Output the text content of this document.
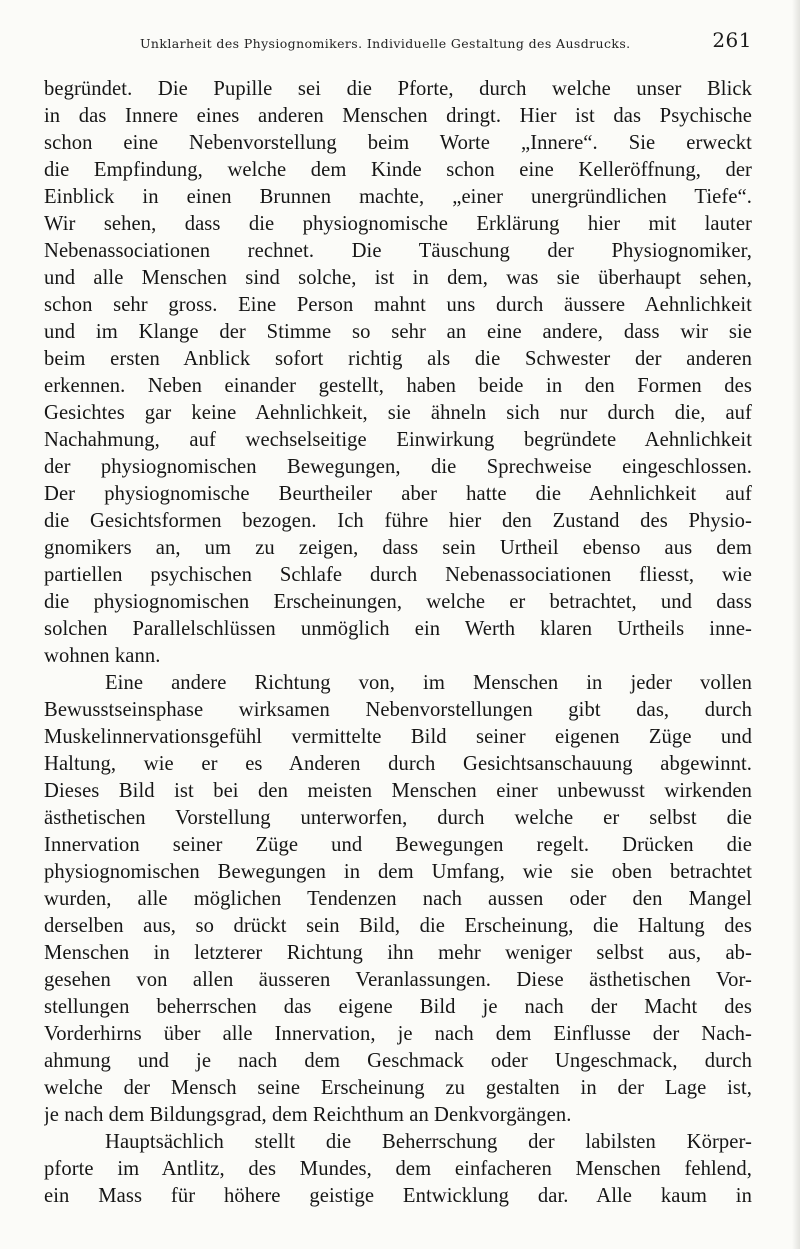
Unklarheit des Physiognomikers. Individuelle Gestaltung des Ausdrucks.	261
begründet. Die Pupille sei die Pforte, durch welche unser Blick
in das Innere eines anderen Menschen dringt. Hier ist das Psychische
schon eine Nebenvorstellung beim Worte „Innere“. Sie erweckt
die Empfindung, welche dem Kinde schon eine Kelleröffnung, der
Einblick in einen Brunnen machte, „einer unergründlichen Tiefe“.
Wir sehen, dass die physiognomische Erklärung hier mit lauter
Nebenassociationen rechnet. Die Täuschung der Physiognomiker,
und alle Menschen sind solche, ist in dem, was sie überhaupt sehen,
schon sehr gross. Eine Person mahnt uns durch äussere Aehnlichkeit
und im Klange der Stimme so sehr an eine andere, dass wir sie
beim ersten Anblick sofort richtig als die Schwester der anderen
erkennen. Neben einander gestellt, haben beide in den Formen des
Gesichtes gar keine Aehnlichkeit, sie ähneln sich nur durch die, auf
Nachahmung, auf wechselseitige Einwirkung begründete Aehnlichkeit
der physiognomischen Bewegungen, die Sprechweise eingeschlossen.
Der physiognomische Beurtheiler aber hatte die Aehnlichkeit auf
die Gesichtsformen bezogen. Ich führe hier den Zustand des Physio-
gnomikers an, um zu zeigen, dass sein Urtheil ebenso aus dem
partiellen psychischen Schlafe durch Nebenassociationen fliesst, wie
die physiognomischen Erscheinungen, welche er betrachtet, und dass
solchen Parallelschlüssen unmöglich ein Werth klaren Urtheils inne-
wohnen kann.
Eine andere Richtung von, im Menschen in jeder vollen
Bewusstseinsphase wirksamen Nebenvorstellungen gibt das, durch
Muskelinnervationsgefühl vermittelte Bild seiner eigenen Züge und
Haltung, wie er es Anderen durch Gesichtsanschauung abgewinnt.
Dieses Bild ist bei den meisten Menschen einer unbewusst wirkenden
ästhetischen Vorstellung unterworfen, durch welche er selbst die
Innervation seiner Züge und Bewegungen regelt. Drücken die
physiognomischen Bewegungen in dem Umfang, wie sie oben betrachtet
wurden, alle möglichen Tendenzen nach aussen oder den Mangel
derselben aus, so drückt sein Bild, die Erscheinung, die Haltung des
Menschen in letzterer Richtung ihn mehr weniger selbst aus, ab-
gesehen von allen äusseren Veranlassungen. Diese ästhetischen Vor-
stellungen beherrschen das eigene Bild je nach der Macht des
Vorderhirns über alle Innervation, je nach dem Einflusse der Nach-
ahmung und je nach dem Geschmack oder Ungeschmack, durch
welche der Mensch seine Erscheinung zu gestalten in der Lage ist,
je nach dem Bildungsgrad, dem Reichthum an Denkvorgängen.
Hauptsächlich stellt die Beherrschung der labilsten Körper-
pforte im Antlitz, des Mundes, dem einfacheren Menschen fehlend,
ein Mass für höhere geistige Entwicklung dar. Alle kaum in
